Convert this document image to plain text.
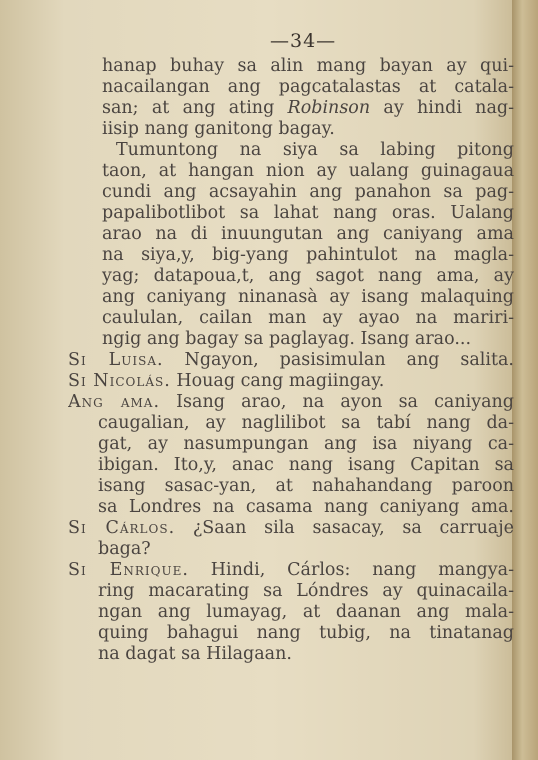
—34—
hanap buhay sa alin mang bayan ay qui-
nacailangan ang pagcatalastas at catala-
san; at ang ating Robinson ay hindi nag-
iisip nang ganitong bagay.
Tumuntong na siya sa labing pitong
taon, at hangan nion ay ualang guinagaua
cundi ang acsayahin ang panahon sa pag-
papalibotlibot sa lahat nang oras. Ualang
arao na di inuungutan ang caniyang ama
na siya,y, big-yang pahintulot na magla-
yag; datapoua,t, ang sagot nang ama, ay
ang caniyang ninanasà ay isang malaquing
caululan, cailan man ay ayao na mariri-
ngig ang bagay sa paglayag. Isang arao...
Si Luisa. Ngayon, pasisimulan ang salita.
Si Nicolás. Houag cang magiingay.
Ang ama. Isang arao, na ayon sa caniyang
caugalian, ay naglilibot sa tabí nang da-
gat, ay nasumpungan ang isa niyang ca-
ibigan. Ito,y, anac nang isang Capitan sa
isang sasac-yan, at nahahandang paroon
sa Londres na casama nang caniyang ama.
Si Cárlos. ¿Saan sila sasacay, sa carruaje
baga?
Si Enrique. Hindi, Cárlos: nang mangya-
ring macarating sa Lóndres ay quinacaila-
ngan ang lumayag, at daanan ang mala-
quing bahagui nang tubig, na tinatanag
na dagat sa Hilagaan.
